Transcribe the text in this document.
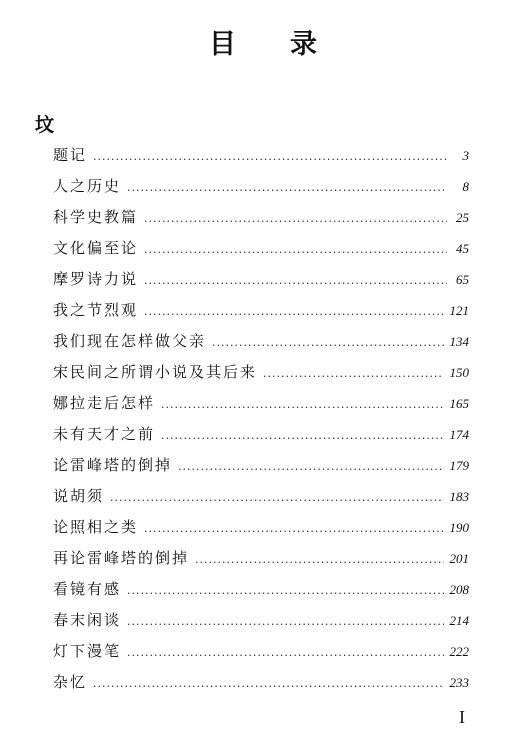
目 录
坟
题记 .....	3
人之历史 .....	8
科学史教篇 .....	25
文化偏至论 .....	45
摩罗诗力说 .....	65
我之节烈观 .....	121
我们现在怎样做父亲 .....	134
宋民间之所谓小说及其后来 .....	150
娜拉走后怎样 .....	165
未有天才之前 .....	174
论雷峰塔的倒掉 .....	179
说胡须 .....	183
论照相之类 .....	190
再论雷峰塔的倒掉 .....	201
看镜有感 .....	208
春末闲谈 .....	214
灯下漫笔 .....	222
杂忆 .....	233
I
